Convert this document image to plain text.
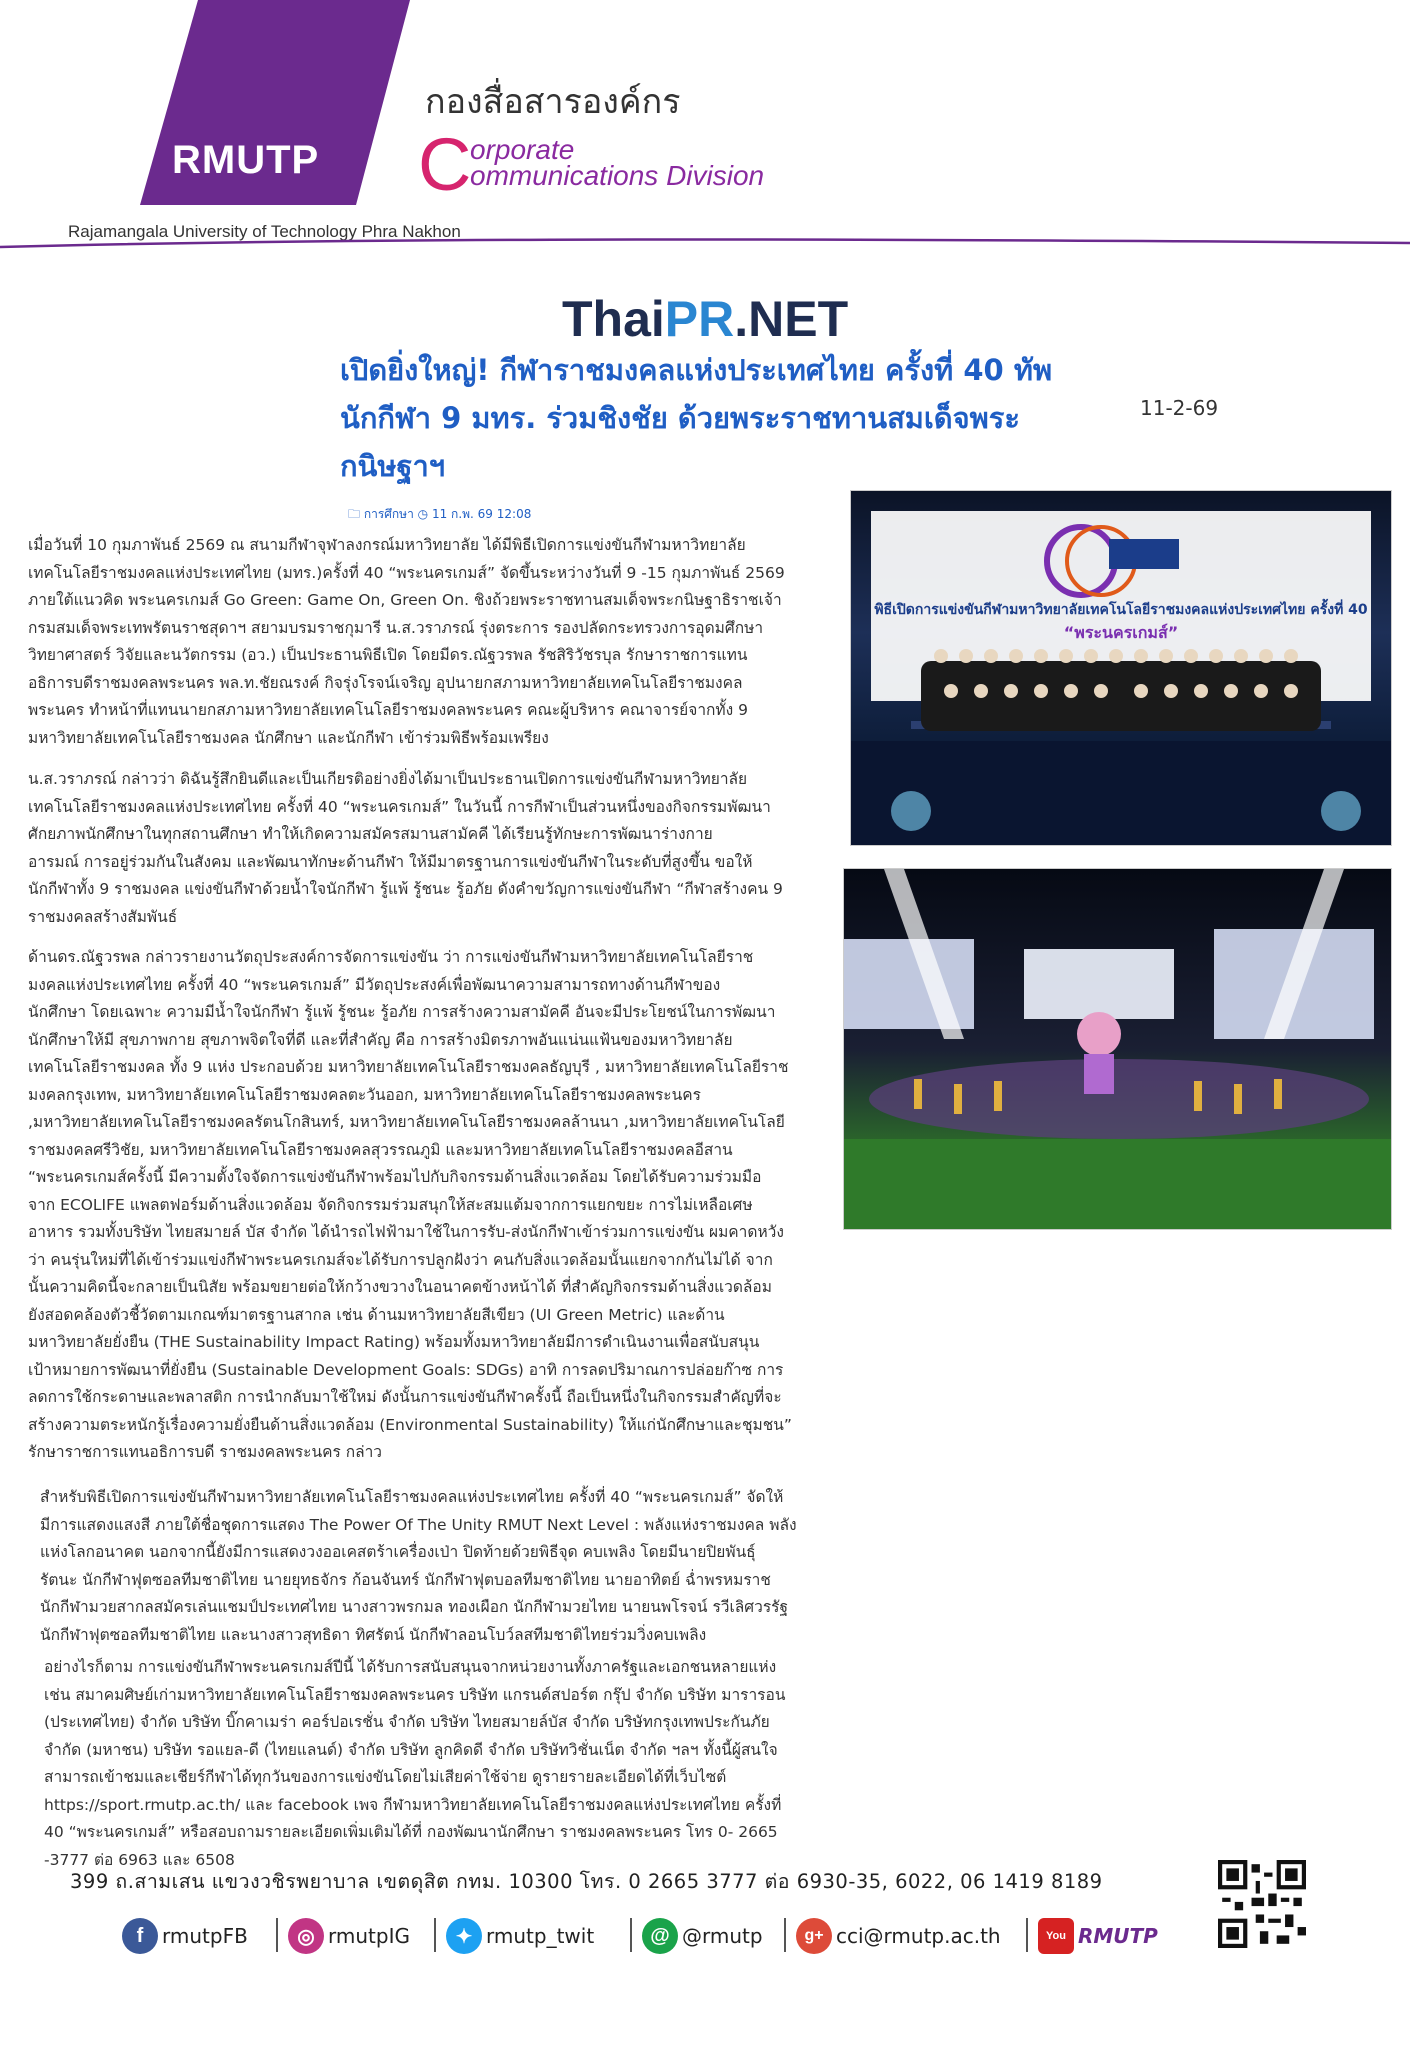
RMUTP
กองสื่อสารองค์กร
C
orporate
ommunications Division
Rajamangala University of Technology Phra Nakhon
ThaiPR.NET
เปิดยิ่งใหญ่! กีฬาราชมงคลแห่งประเทศไทย ครั้งที่ 40 ทัพนักกีฬา 9 มทร. ร่วมชิงชัย ด้วยพระราชทานสมเด็จพระกนิษฐาฯ
11-2-69
🗀 การศึกษา ◷ 11 ก.พ. 69 12:08
พิธีเปิดการแข่งขันกีฬามหาวิทยาลัยเทคโนโลยีราชมงคลแห่งประเทศไทย ครั้งที่ 40
“พระนครเกมส์”
เมื่อวันที่ 10 กุมภาพันธ์ 2569 ณ สนามกีฬาจุฬาลงกรณ์มหาวิทยาลัย ได้มีพิธีเปิดการแข่งขันกีฬามหาวิทยาลัย
เทคโนโลยีราชมงคลแห่งประเทศไทย (มทร.)ครั้งที่ 40 “พระนครเกมส์” จัดขึ้นระหว่างวันที่ 9 -15 กุมภาพันธ์ 2569
ภายใต้แนวคิด พระนครเกมส์ Go Green: Game On, Green On. ชิงถ้วยพระราชทานสมเด็จพระกนิษฐาธิราชเจ้า
กรมสมเด็จพระเทพรัตนราชสุดาฯ สยามบรมราชกุมารี น.ส.วราภรณ์ รุ่งตระการ รองปลัดกระทรวงการอุดมศึกษา
วิทยาศาสตร์ วิจัยและนวัตกรรม (อว.) เป็นประธานพิธีเปิด โดยมีดร.ณัฐวรพล รัชสิริวัชรบุล รักษาราชการแทน
อธิการบดีราชมงคลพระนคร พล.ท.ชัยณรงค์ กิจรุ่งโรจน์เจริญ อุปนายกสภามหาวิทยาลัยเทคโนโลยีราชมงคล
พระนคร ทำหน้าที่แทนนายกสภามหาวิทยาลัยเทคโนโลยีราชมงคลพระนคร คณะผู้บริหาร คณาจารย์จากทั้ง 9
มหาวิทยาลัยเทคโนโลยีราชมงคล นักศึกษา และนักกีฬา เข้าร่วมพิธีพร้อมเพรียง
น.ส.วราภรณ์ กล่าวว่า ดิฉันรู้สึกยินดีและเป็นเกียรติอย่างยิ่งได้มาเป็นประธานเปิดการแข่งขันกีฬามหาวิทยาลัย
เทคโนโลยีราชมงคลแห่งประเทศไทย ครั้งที่ 40 “พระนครเกมส์” ในวันนี้ การกีฬาเป็นส่วนหนึ่งของกิจกรรมพัฒนา
ศักยภาพนักศึกษาในทุกสถานศึกษา ทำให้เกิดความสมัครสมานสามัคคี ได้เรียนรู้ทักษะการพัฒนาร่างกาย
อารมณ์ การอยู่ร่วมกันในสังคม และพัฒนาทักษะด้านกีฬา ให้มีมาตรฐานการแข่งขันกีฬาในระดับที่สูงขึ้น ขอให้
นักกีฬาทั้ง 9 ราชมงคล แข่งขันกีฬาด้วยน้ำใจนักกีฬา รู้แพ้ รู้ชนะ รู้อภัย ดังคำขวัญการแข่งขันกีฬา “กีฬาสร้างคน 9
ราชมงคลสร้างสัมพันธ์
ด้านดร.ณัฐวรพล กล่าวรายงานวัตถุประสงค์การจัดการแข่งขัน ว่า การแข่งขันกีฬามหาวิทยาลัยเทคโนโลยีราช
มงคลแห่งประเทศไทย ครั้งที่ 40 “พระนครเกมส์” มีวัตถุประสงค์เพื่อพัฒนาความสามารถทางด้านกีฬาของ
นักศึกษา โดยเฉพาะ ความมีน้ำใจนักกีฬา รู้แพ้ รู้ชนะ รู้อภัย การสร้างความสามัคคี อันจะมีประโยชน์ในการพัฒนา
นักศึกษาให้มี สุขภาพกาย สุขภาพจิตใจที่ดี และที่สำคัญ คือ การสร้างมิตรภาพอันแน่นแฟ้นของมหาวิทยาลัย
เทคโนโลยีราชมงคล ทั้ง 9 แห่ง ประกอบด้วย มหาวิทยาลัยเทคโนโลยีราชมงคลธัญบุรี , มหาวิทยาลัยเทคโนโลยีราช
มงคลกรุงเทพ, มหาวิทยาลัยเทคโนโลยีราชมงคลตะวันออก, มหาวิทยาลัยเทคโนโลยีราชมงคลพระนคร
,มหาวิทยาลัยเทคโนโลยีราชมงคลรัตนโกสินทร์, มหาวิทยาลัยเทคโนโลยีราชมงคลล้านนา ,มหาวิทยาลัยเทคโนโลยี
ราชมงคลศรีวิชัย, มหาวิทยาลัยเทคโนโลยีราชมงคลสุวรรณภูมิ และมหาวิทยาลัยเทคโนโลยีราชมงคลอีสาน
“พระนครเกมส์ครั้งนี้ มีความตั้งใจจัดการแข่งขันกีฬาพร้อมไปกับกิจกรรมด้านสิ่งแวดล้อม โดยได้รับความร่วมมือ
จาก ECOLIFE แพลตฟอร์มด้านสิ่งแวดล้อม จัดกิจกรรมร่วมสนุกให้สะสมแต้มจากการแยกขยะ การไม่เหลือเศษ
อาหาร รวมทั้งบริษัท ไทยสมายล์ บัส จำกัด ได้นำรถไฟฟ้ามาใช้ในการรับ-ส่งนักกีฬาเข้าร่วมการแข่งขัน ผมคาดหวัง
ว่า คนรุ่นใหม่ที่ได้เข้าร่วมแข่งกีฬาพระนครเกมส์จะได้รับการปลูกฝังว่า คนกับสิ่งแวดล้อมนั้นแยกจากกันไม่ได้ จาก
นั้นความคิดนี้จะกลายเป็นนิสัย พร้อมขยายต่อให้กว้างขวางในอนาคตข้างหน้าได้ ที่สำคัญกิจกรรมด้านสิ่งแวดล้อม
ยังสอดคล้องตัวชี้วัดตามเกณฑ์มาตรฐานสากล เช่น ด้านมหาวิทยาลัยสีเขียว (UI Green Metric) และด้าน
มหาวิทยาลัยยั่งยืน (THE Sustainability Impact Rating) พร้อมทั้งมหาวิทยาลัยมีการดำเนินงานเพื่อสนับสนุน
เป้าหมายการพัฒนาที่ยั่งยืน (Sustainable Development Goals: SDGs) อาทิ การลดปริมาณการปล่อยก๊าซ การ
ลดการใช้กระดาษและพลาสติก การนำกลับมาใช้ใหม่ ดังนั้นการแข่งขันกีฬาครั้งนี้ ถือเป็นหนึ่งในกิจกรรมสำคัญที่จะ
สร้างความตระหนักรู้เรื่องความยั่งยืนด้านสิ่งแวดล้อม (Environmental Sustainability) ให้แก่นักศึกษาและชุมชน”
รักษาราชการแทนอธิการบดี ราชมงคลพระนคร กล่าว
สำหรับพิธีเปิดการแข่งขันกีฬามหาวิทยาลัยเทคโนโลยีราชมงคลแห่งประเทศไทย ครั้งที่ 40 “พระนครเกมส์” จัดให้
มีการแสดงแสงสี ภายใต้ชื่อชุดการแสดง The Power Of The Unity RMUT Next Level : พลังแห่งราชมงคล พลัง
แห่งโลกอนาคต นอกจากนี้ยังมีการแสดงวงออเคสตร้าเครื่องเป่า ปิดท้ายด้วยพิธีจุด คบเพลิง โดยมีนายปิยพันธุ์
รัตนะ นักกีฬาฟุตซอลทีมชาติไทย นายยุทธจักร ก้อนจันทร์ นักกีฬาฟุตบอลทีมชาติไทย นายอาทิตย์ ฉ่ำพรหมราช
นักกีฬามวยสากลสมัครเล่นแชมป์ประเทศไทย นางสาวพรกมล ทองเผือก นักกีฬามวยไทย นายนพโรจน์ รวีเลิศวรรัฐ
นักกีฬาฟุตซอลทีมชาติไทย และนางสาวสุทธิดา ทิศรัตน์ นักกีฬาลอนโบว์ลสทีมชาติไทยร่วมวิ่งคบเพลิง
อย่างไรก็ตาม การแข่งขันกีฬาพระนครเกมส์ปีนี้ ได้รับการสนับสนุนจากหน่วยงานทั้งภาครัฐและเอกชนหลายแห่ง
เช่น สมาคมศิษย์เก่ามหาวิทยาลัยเทคโนโลยีราชมงคลพระนคร บริษัท แกรนด์สปอร์ต กรุ๊ป จำกัด บริษัท มารารอน
(ประเทศไทย) จำกัด บริษัท บิ๊กคาเมร่า คอร์ปอเรชั่น จำกัด บริษัท ไทยสมายล์บัส จำกัด บริษัทกรุงเทพประกันภัย
จำกัด (มหาชน) บริษัท รอแยล-ดี (ไทยแลนด์) จำกัด บริษัท ลูกคิดดี จำกัด บริษัทวิชั่นเน็ต จำกัด ฯลฯ ทั้งนี้ผู้สนใจ
สามารถเข้าชมและเชียร์กีฬาได้ทุกวันของการแข่งขันโดยไม่เสียค่าใช้จ่าย ดูรายรายละเอียดได้ที่เว็บไซต์
https://sport.rmutp.ac.th/ และ facebook เพจ กีฬามหาวิทยาลัยเทคโนโลยีราชมงคลแห่งประเทศไทย ครั้งที่
40 “พระนครเกมส์” หรือสอบถามรายละเอียดเพิ่มเติมได้ที่ กองพัฒนานักศึกษา ราชมงคลพระนคร โทร 0- 2665
-3777 ต่อ 6963 และ 6508
399 ถ.สามเสน แขวงวชิรพยาบาล เขตดุสิต กทม. 10300 โทร. 0 2665 3777 ต่อ 6930-35, 6022, 06 1419 8189
f rmutpFB	◎ rmutpIG	✦ rmutp_twit	@ @rmutp	g+ cci@rmutp.ac.th	You RMUTP
